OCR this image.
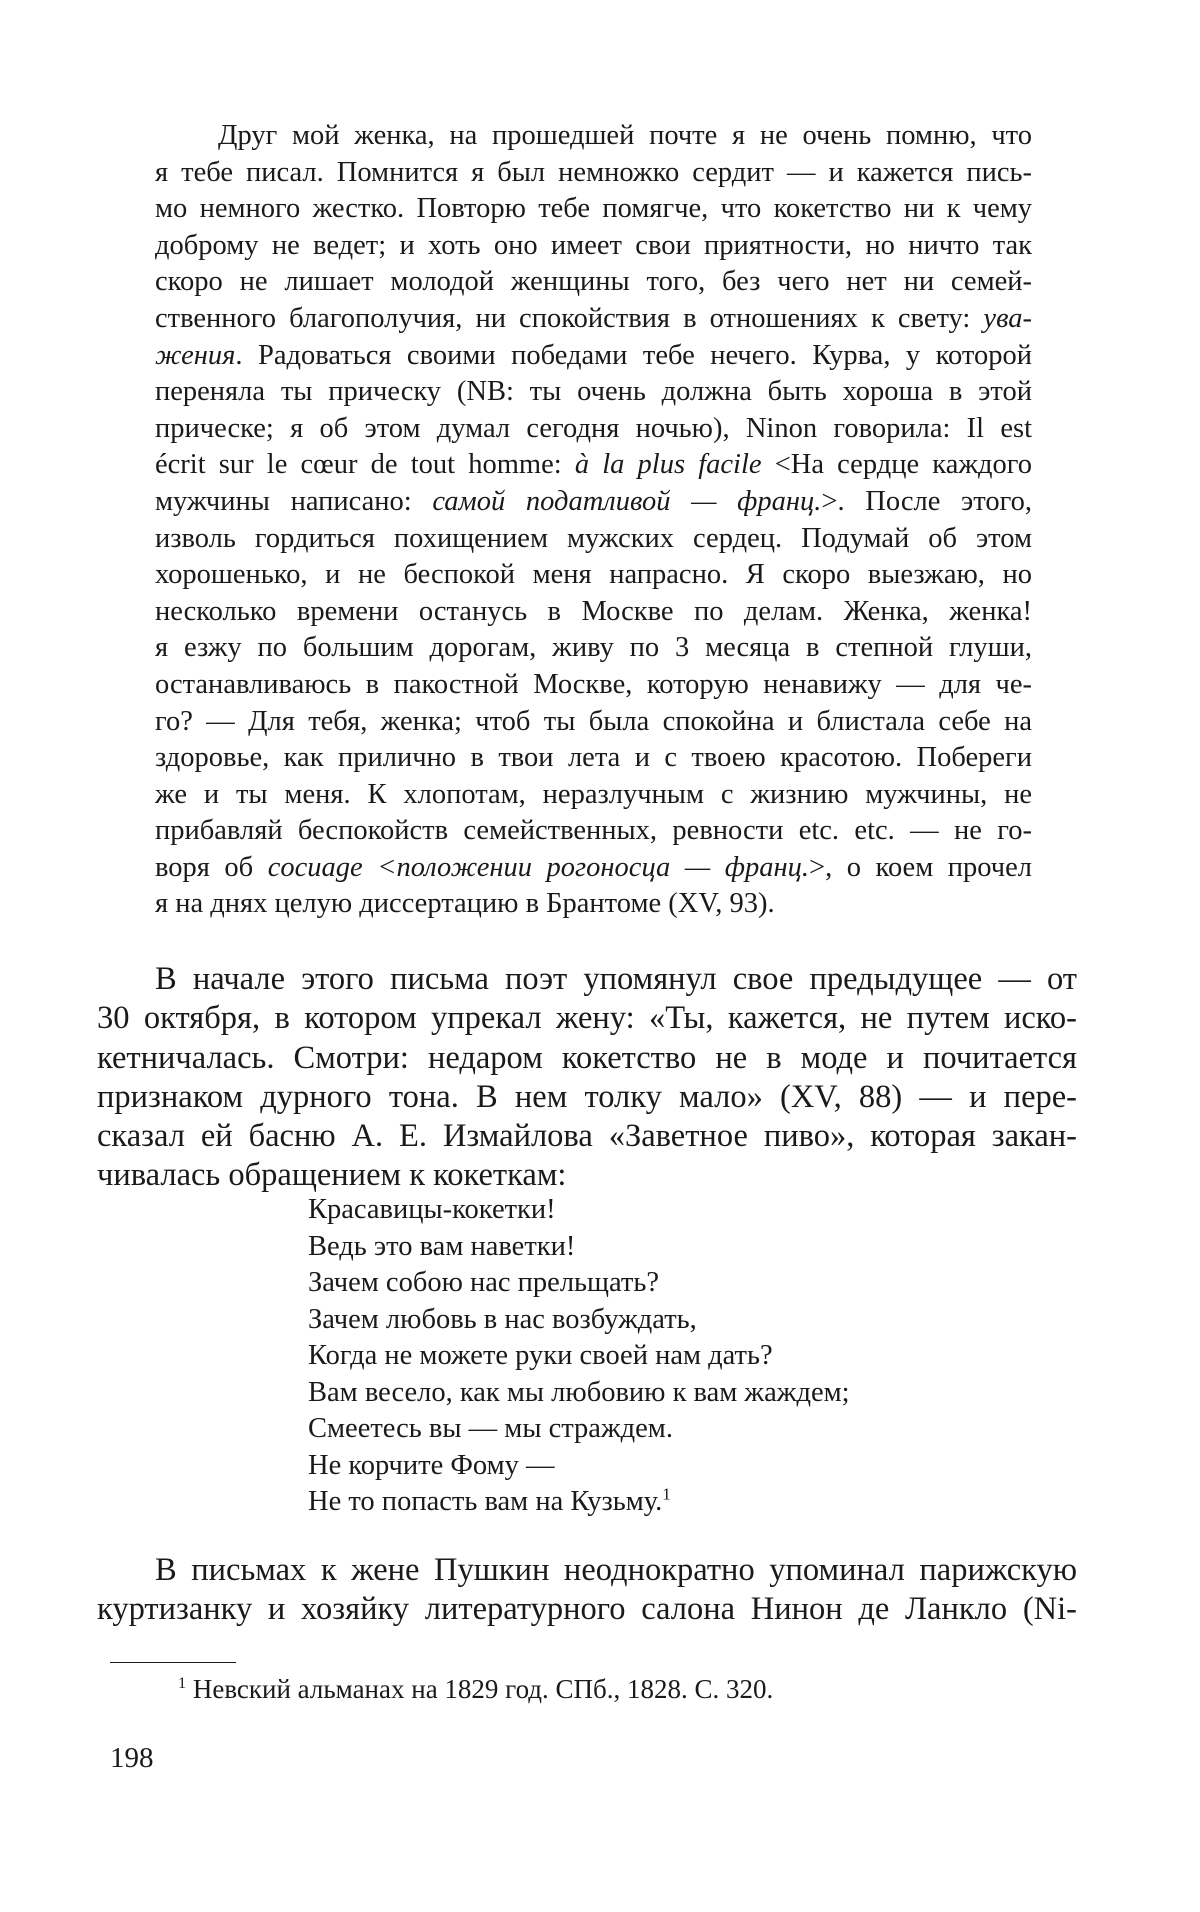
Друг мой женка, на прошедшей почте я не очень помню, что
я тебе писал. Помнится я был немножко сердит — и кажется пись-
мо немного жестко. Повторю тебе помягче, что кокетство ни к чему
доброму не ведет; и хоть оно имеет свои приятности, но ничто так
скоро не лишает молодой женщины того, без чего нет ни семей-
ственного благополучия, ни спокойствия в отношениях к свету: ува-
жения. Радоваться своими победами тебе нечего. Курва, у которой
переняла ты прическу (NB: ты очень должна быть хороша в этой
прическе; я об этом думал сегодня ночью), Ninon говорила: Il est
écrit sur le cœur de tout homme: à la plus facile <На сердце каждого
мужчины написано: самой податливой — франц.>. После этого,
изволь гордиться похищением мужских сердец. Подумай об этом
хорошенько, и не беспокой меня напрасно. Я скоро выезжаю, но
несколько времени останусь в Москве по делам. Женка, женка!
я езжу по большим дорогам, живу по 3 месяца в степной глуши,
останавливаюсь в пакостной Москве, которую ненавижу — для че-
го? — Для тебя, женка; чтоб ты была спокойна и блистала себе на
здоровье, как прилично в твои лета и с твоею красотою. Побереги
же и ты меня. К хлопотам, неразлучным с жизнию мужчины, не
прибавляй беспокойств семейственных, ревности etc. etc. — не го-
воря об cocuage <положении рогоносца — франц.>, о коем прочел
я на днях целую диссертацию в Брантоме (XV, 93).
В начале этого письма поэт упомянул свое предыдущее — от
30 октября, в котором упрекал жену: «Ты, кажется, не путем иско-
кетничалась. Смотри: недаром кокетство не в моде и почитается
признаком дурного тона. В нем толку мало» (XV, 88) — и пере-
сказал ей басню А. Е. Измайлова «Заветное пиво», которая закан-
чивалась обращением к кокеткам:
Красавицы-кокетки!
Ведь это вам наветки!
Зачем собою нас прельщать?
Зачем любовь в нас возбуждать,
Когда не можете руки своей нам дать?
Вам весело, как мы любовию к вам жаждем;
Смеетесь вы — мы страждем.
Не корчите Фому —
Не то попасть вам на Кузьму.$^1$
В письмах к жене Пушкин неоднократно упоминал парижскую
куртизанку и хозяйку литературного салона Нинон де Ланкло (Ni-
$^1$ Невский альманах на 1829 год. СПб., 1828. С. 320.
198
